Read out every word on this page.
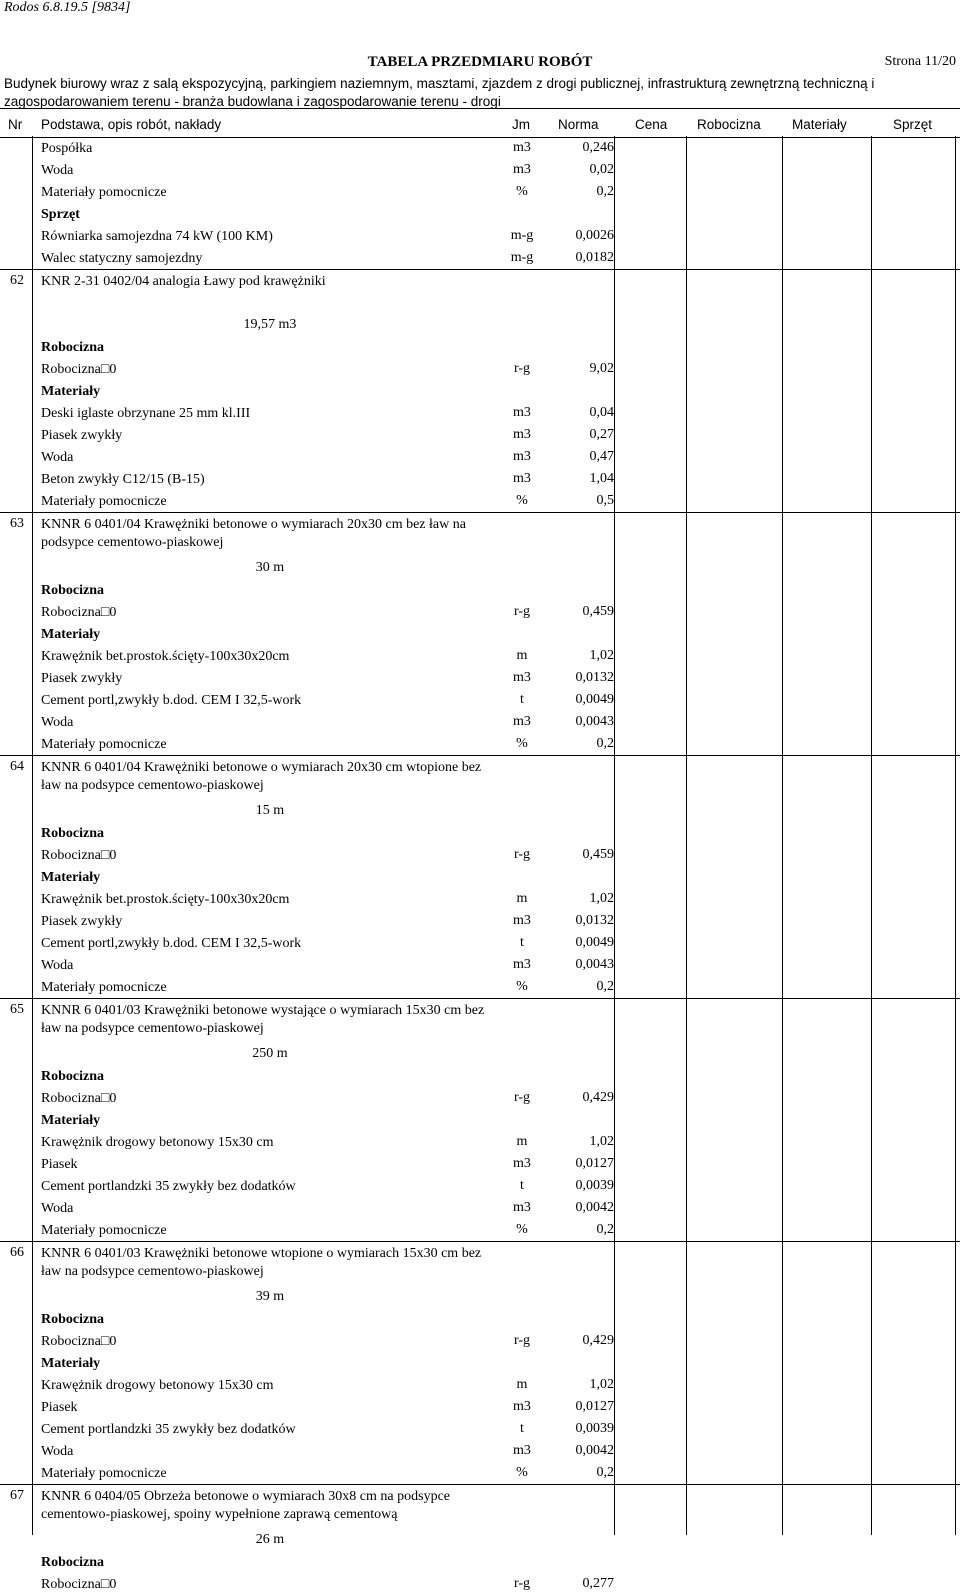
Rodos 6.8.19.5 [9834]
TABELA PRZEDMIARU ROBÓT	Strona 11/20
Budynek biurowy wraz z salą ekspozycyjną, parkingiem naziemnym, masztami, zjazdem z drogi publicznej, infrastrukturą zewnętrzną techniczną i zagospodarowaniem terenu - branża budowlana i zagospodarowanie terenu - drogi
Nr Podstawa, opis robót, nakłady	Jm Norma	Cena Robocizna Materiały	Sprzęt
Pospółka	m3	0,246
Woda	m3	0,02
Materiały pomocnicze	%	0,2
Sprzęt
Równiarka samojezdna 74 kW (100 KM)	m-g	0,0026
Walec statyczny samojezdny	m-g	0,0182
62 KNR 2-31 0402/04 analogia Ławy pod krawężniki
19,57 m3
Robocizna
Robocizna□0	r-g	9,02
Materiały
Deski iglaste obrzynane 25 mm kl.III	m3	0,04
Piasek zwykły	m3	0,27
Woda	m3	0,47
Beton zwykły C12/15 (B-15)	m3	1,04
Materiały pomocnicze	%	0,5
63 KNNR 6 0401/04 Krawężniki betonowe o wymiarach 20x30 cm bez ław na podsypce cementowo-piaskowej
30 m
Robocizna
Robocizna□0	r-g	0,459
Materiały
Krawężnik bet.prostok.ścięty-100x30x20cm	m	1,02
Piasek zwykły	m3	0,0132
Cement portl,zwykły b.dod. CEM I 32,5-work	t	0,0049
Woda	m3	0,0043
Materiały pomocnicze	%	0,2
64 KNNR 6 0401/04 Krawężniki betonowe o wymiarach 20x30 cm wtopione bez ław na podsypce cementowo-piaskowej
15 m
Robocizna
Robocizna□0	r-g	0,459
Materiały
Krawężnik bet.prostok.ścięty-100x30x20cm	m	1,02
Piasek zwykły	m3	0,0132
Cement portl,zwykły b.dod. CEM I 32,5-work	t	0,0049
Woda	m3	0,0043
Materiały pomocnicze	%	0,2
65 KNNR 6 0401/03 Krawężniki betonowe wystające o wymiarach 15x30 cm bez ław na podsypce cementowo-piaskowej
250 m
Robocizna
Robocizna□0	r-g	0,429
Materiały
Krawężnik drogowy betonowy 15x30 cm	m	1,02
Piasek	m3	0,0127
Cement portlandzki 35 zwykły bez dodatków	t	0,0039
Woda	m3	0,0042
Materiały pomocnicze	%	0,2
66 KNNR 6 0401/03 Krawężniki betonowe wtopione o wymiarach 15x30 cm bez ław na podsypce cementowo-piaskowej
39 m
Robocizna
Robocizna□0	r-g	0,429
Materiały
Krawężnik drogowy betonowy 15x30 cm	m	1,02
Piasek	m3	0,0127
Cement portlandzki 35 zwykły bez dodatków	t	0,0039
Woda	m3	0,0042
Materiały pomocnicze	%	0,2
67 KNNR 6 0404/05 Obrzeża betonowe o wymiarach 30x8 cm na podsypce cementowo-piaskowej, spoiny wypełnione zaprawą cementową
26 m
Robocizna
Robocizna□0	r-g	0,277
